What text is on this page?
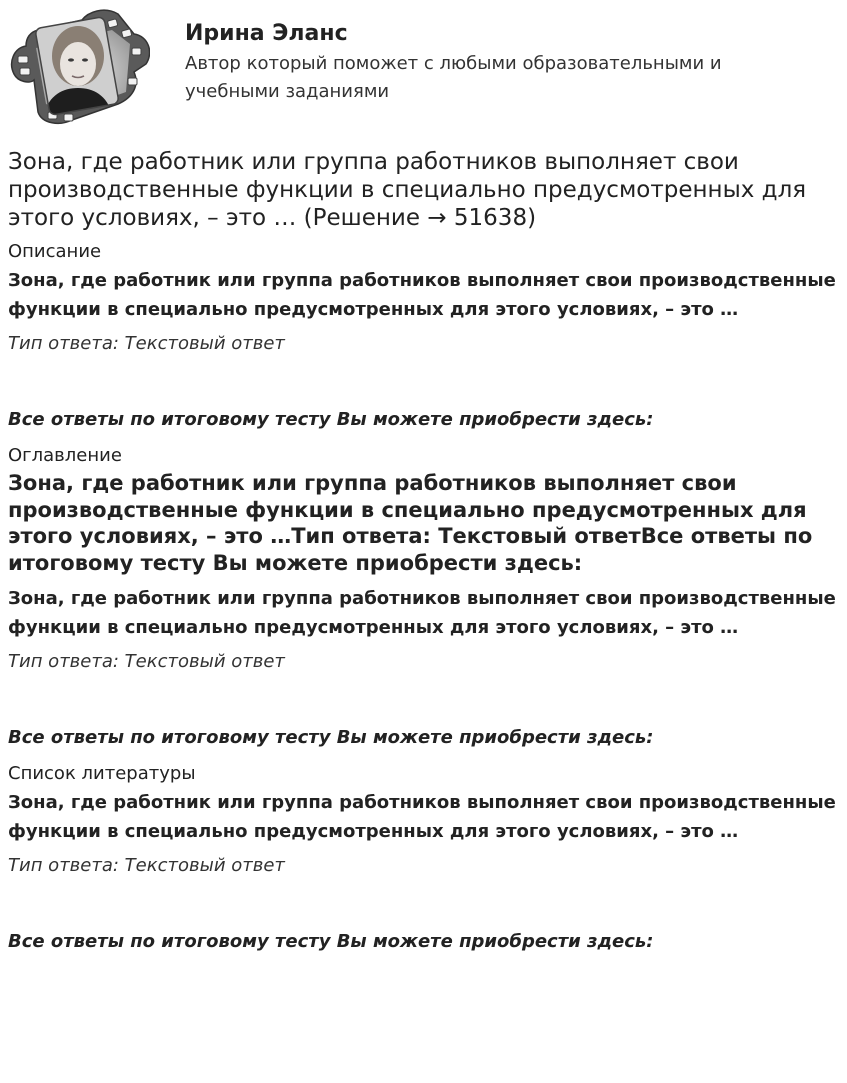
Ирина Эланс
Автор который поможет с любыми образовательными и учебными заданиями
Зона, где работник или группа работников выполняет свои производственные функции в специально предусмотренных для этого условиях, – это … (Решение → 51638)
Описание
Зона, где работник или группа работников выполняет свои производственные функции в специально предусмотренных для этого условиях, – это …
Тип ответа: Текстовый ответ
Все ответы по итоговому тесту Вы можете приобрести здесь:
Оглавление
Зона, где работник или группа работников выполняет свои производственные функции в специально предусмотренных для этого условиях, – это …Тип ответа: Текстовый ответВсе ответы по итоговому тесту Вы можете приобрести здесь:
Зона, где работник или группа работников выполняет свои производственные функции в специально предусмотренных для этого условиях, – это …
Тип ответа: Текстовый ответ
Все ответы по итоговому тесту Вы можете приобрести здесь:
Список литературы
Зона, где работник или группа работников выполняет свои производственные функции в специально предусмотренных для этого условиях, – это …
Тип ответа: Текстовый ответ
Все ответы по итоговому тесту Вы можете приобрести здесь:
